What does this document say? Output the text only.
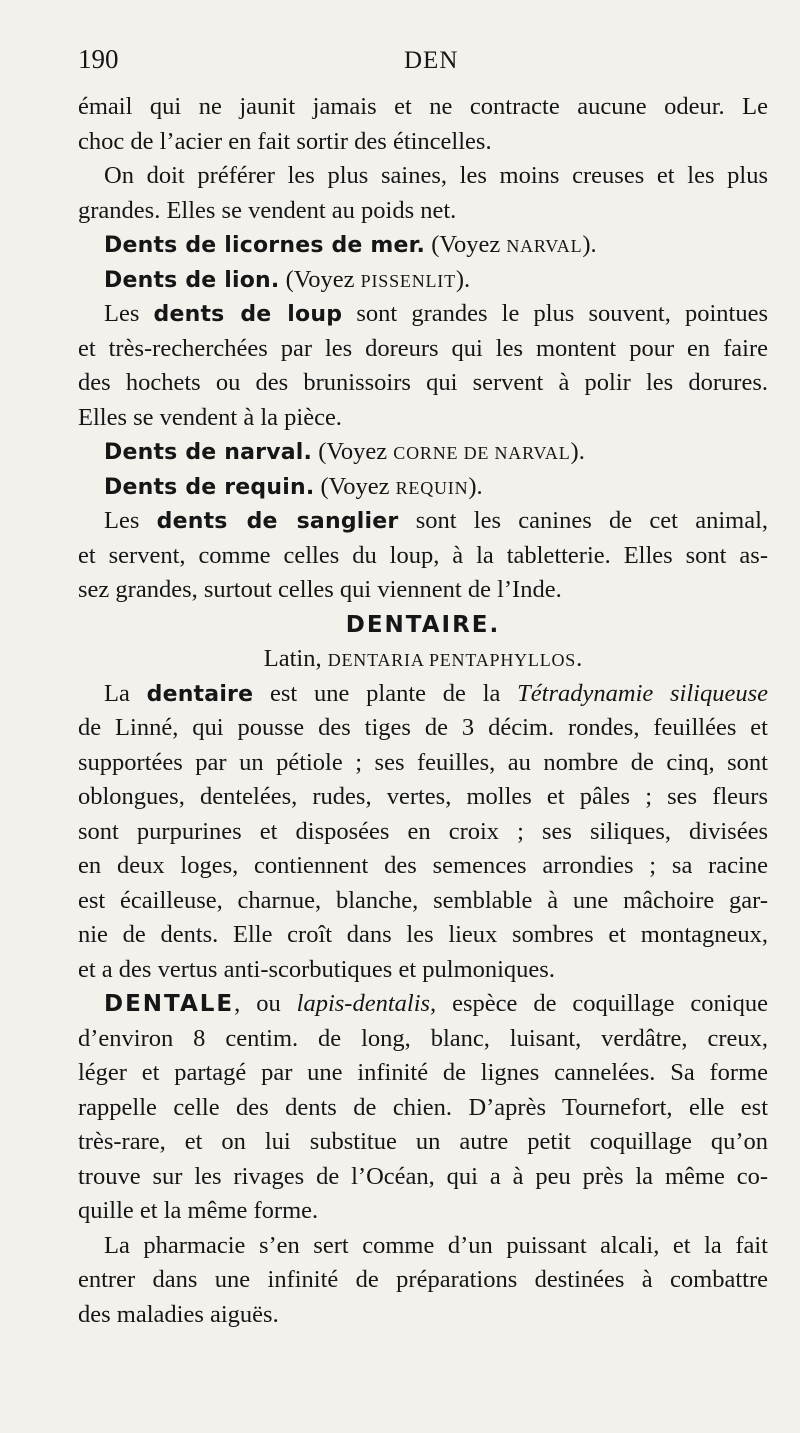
190	DEN
émail qui ne jaunit jamais et ne contracte aucune odeur. Le
choc de l’acier en fait sortir des étincelles.
On doit préférer les plus saines, les moins creuses et les plus
grandes. Elles se vendent au poids net.
Dents de licornes de mer. (Voyez NARVAL).
Dents de lion. (Voyez PISSENLIT).
Les dents de loup sont grandes le plus souvent, pointues
et très-recherchées par les doreurs qui les montent pour en faire
des hochets ou des brunissoirs qui servent à polir les dorures.
Elles se vendent à la pièce.
Dents de narval. (Voyez CORNE DE NARVAL).
Dents de requin. (Voyez REQUIN).
Les dents de sanglier sont les canines de cet animal,
et servent, comme celles du loup, à la tabletterie. Elles sont as-
sez grandes, surtout celles qui viennent de l’Inde.
DENTAIRE.
Latin, DENTARIA PENTAPHYLLOS.
La dentaire est une plante de la Tétradynamie siliqueuse
de Linné, qui pousse des tiges de 3 décim. rondes, feuillées et
supportées par un pétiole ; ses feuilles, au nombre de cinq, sont
oblongues, dentelées, rudes, vertes, molles et pâles ; ses fleurs
sont purpurines et disposées en croix ; ses siliques, divisées
en deux loges, contiennent des semences arrondies ; sa racine
est écailleuse, charnue, blanche, semblable à une mâchoire gar-
nie de dents. Elle croît dans les lieux sombres et montagneux,
et a des vertus anti-scorbutiques et pulmoniques.
DENTALE, ou lapis-dentalis, espèce de coquillage conique
d’environ 8 centim. de long, blanc, luisant, verdâtre, creux,
léger et partagé par une infinité de lignes cannelées. Sa forme
rappelle celle des dents de chien. D’après Tournefort, elle est
très-rare, et on lui substitue un autre petit coquillage qu’on
trouve sur les rivages de l’Océan, qui a à peu près la même co-
quille et la même forme.
La pharmacie s’en sert comme d’un puissant alcali, et la fait
entrer dans une infinité de préparations destinées à combattre
des maladies aiguës.
